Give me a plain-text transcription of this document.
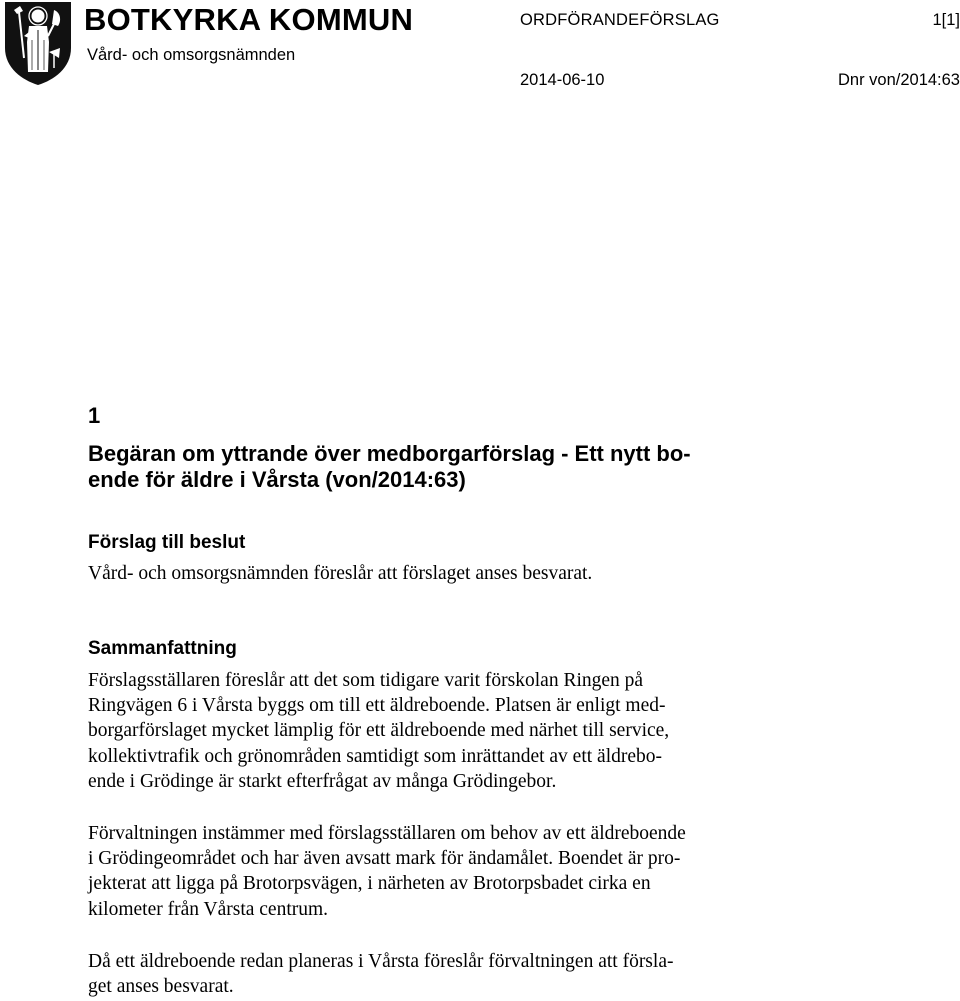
BOTKYRKA KOMMUN
Vård- och omsorgsnämnden
ORDFÖRANDEFÖRSLAG	1[1]
2014-06-10	Dnr von/2014:63
1
Begäran om yttrande över medborgarförslag - Ett nytt bo-
ende för äldre i Vårsta (von/2014:63)
Förslag till beslut
Vård- och omsorgsnämnden föreslår att förslaget anses besvarat.
Sammanfattning
Förslagsställaren föreslår att det som tidigare varit förskolan Ringen på
Ringvägen 6 i Vårsta byggs om till ett äldreboende. Platsen är enligt med-
borgarförslaget mycket lämplig för ett äldreboende med närhet till service,
kollektivtrafik och grönområden samtidigt som inrättandet av ett äldrebo-
ende i Grödinge är starkt efterfrågat av många Grödingebor.
Förvaltningen instämmer med förslagsställaren om behov av ett äldreboende
i Grödingeområdet och har även avsatt mark för ändamålet. Boendet är pro-
jekterat att ligga på Brotorpsvägen, i närheten av Brotorpsbadet cirka en
kilometer från Vårsta centrum.
Då ett äldreboende redan planeras i Vårsta föreslår förvaltningen att försla-
get anses besvarat.
